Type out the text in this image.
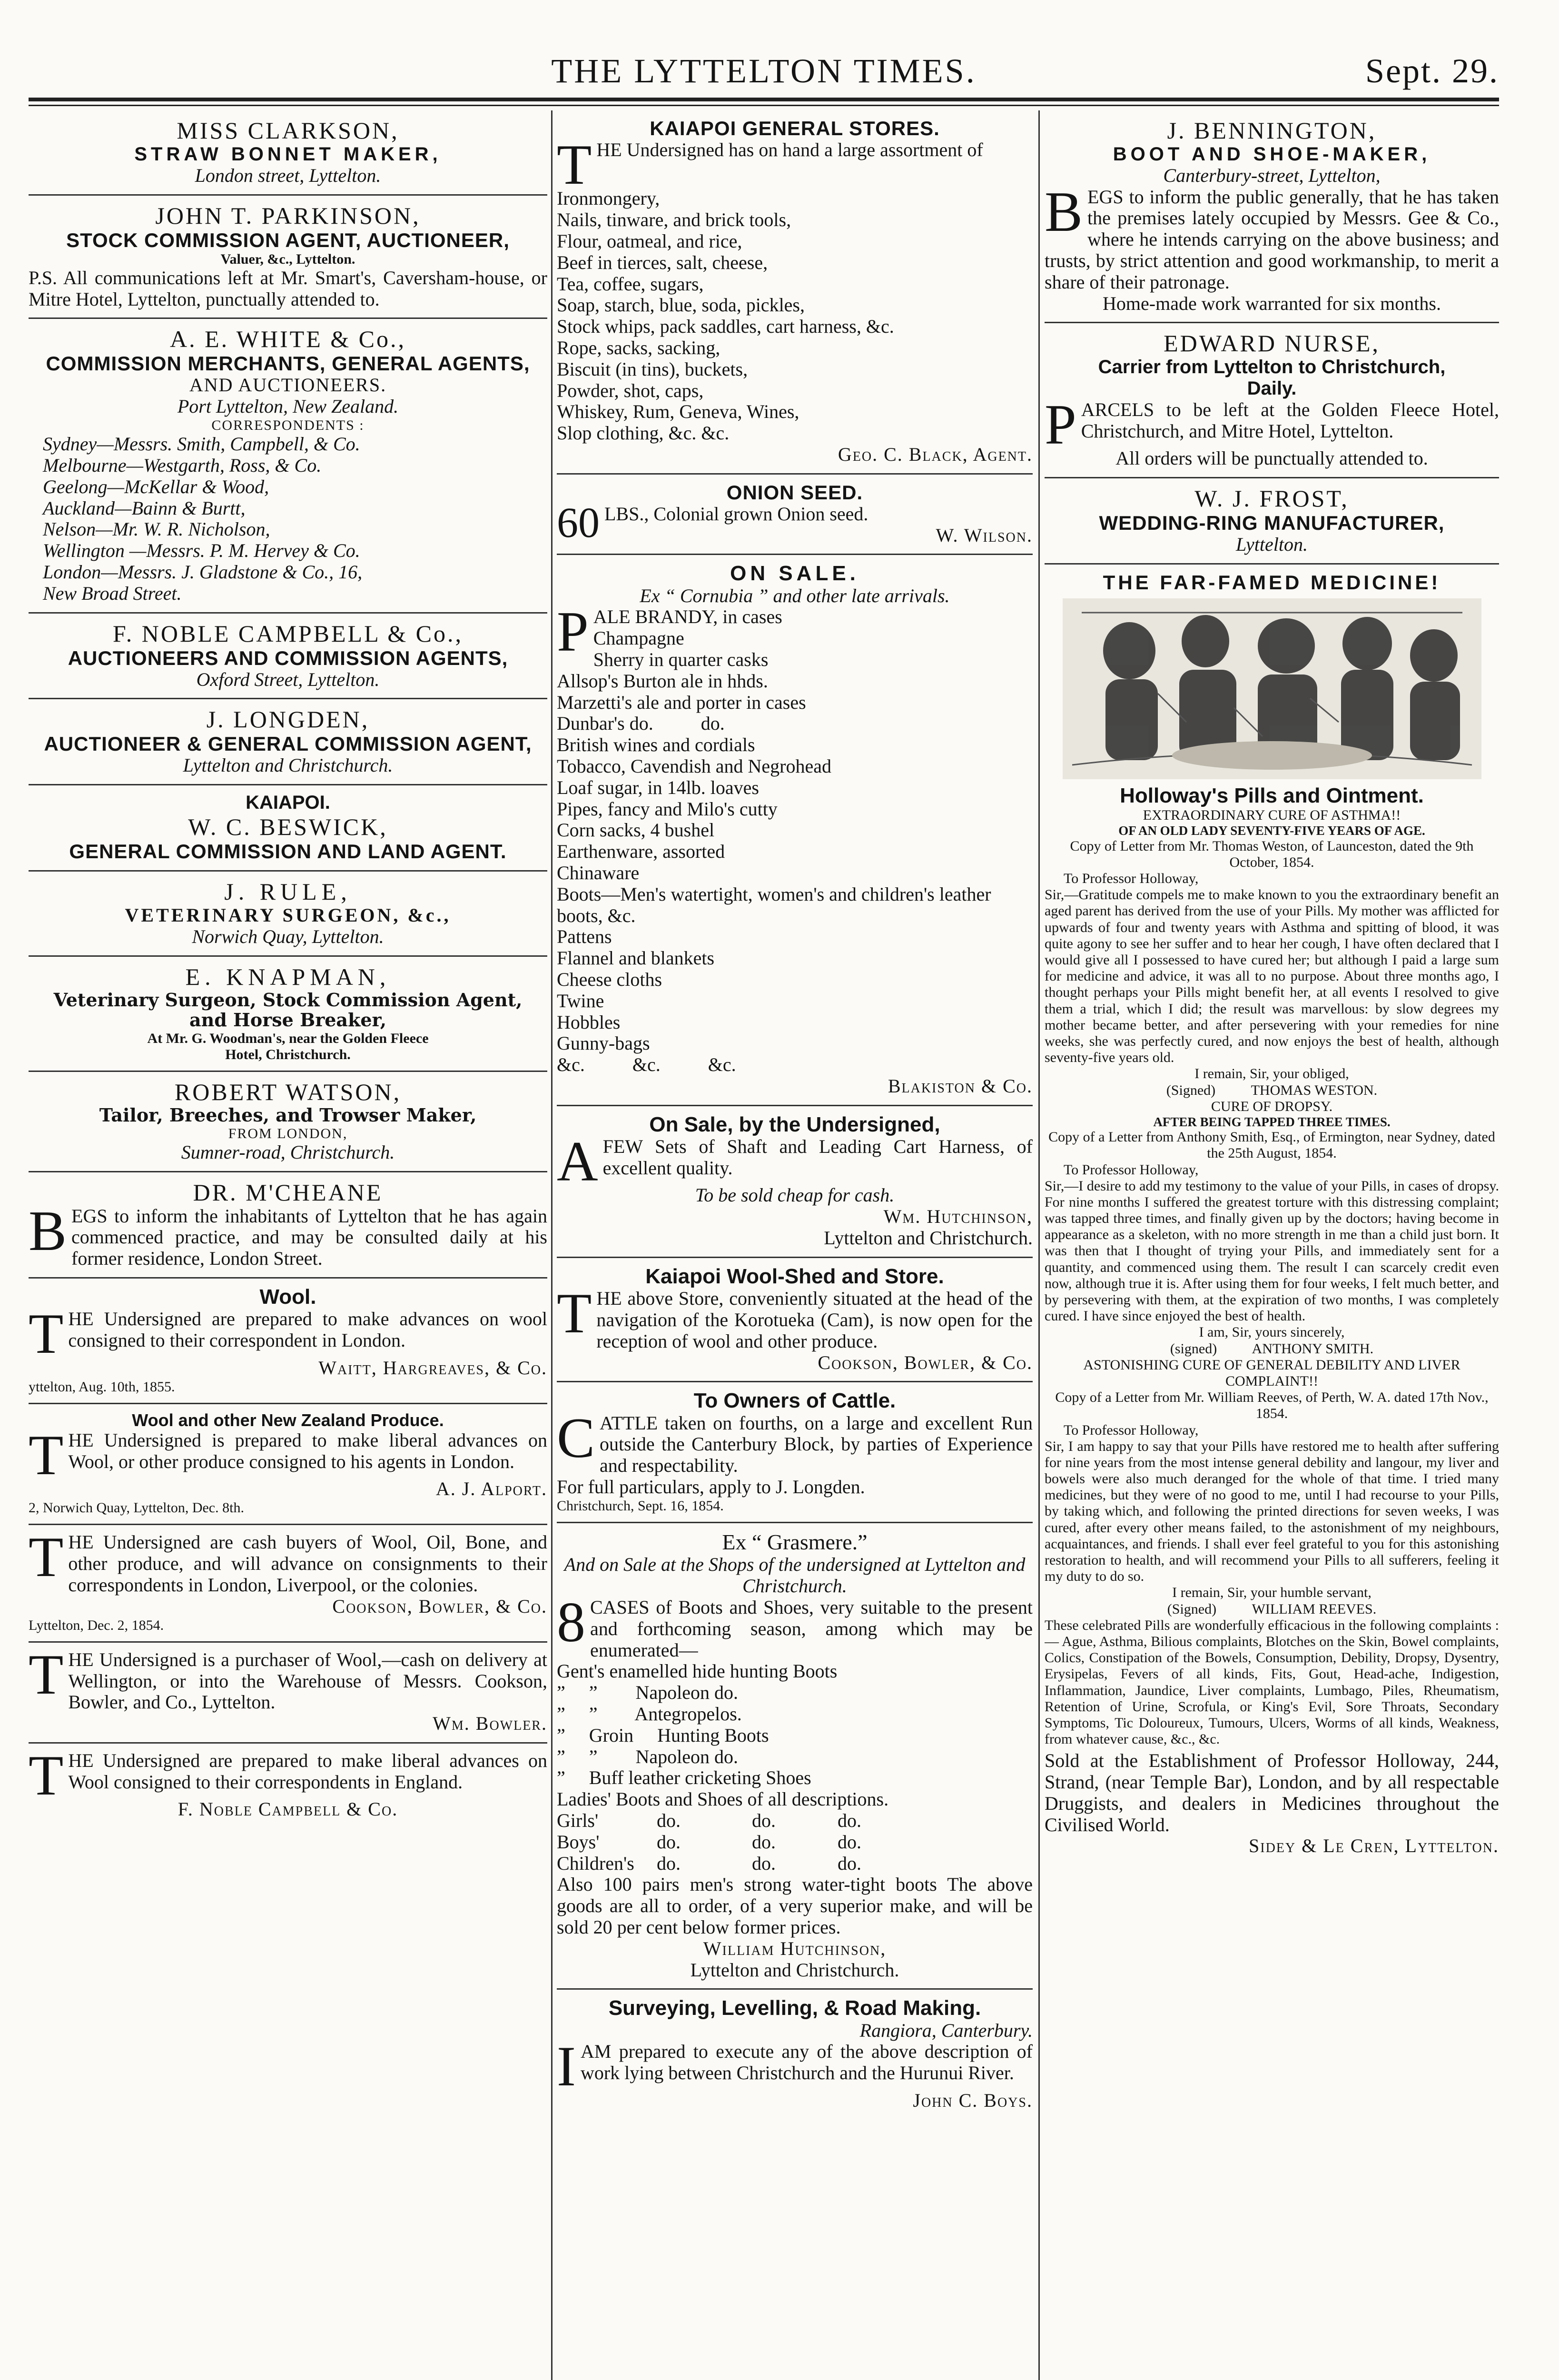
THE LYTTELTON TIMES.	Sept. 29.
MISS CLARKSON,
STRAW BONNET MAKER,
London street, Lyttelton.
JOHN T. PARKINSON,
STOCK COMMISSION AGENT, AUCTIONEER,
Valuer, &c., Lyttelton.

P.S. All communications left at Mr. Smart's, Caversham-house, or Mitre Hotel, Lyttelton, punctually attended to.

A. E. WHITE & Co.,
COMMISSION MERCHANTS, GENERAL AGENTS,
AND AUCTIONEERS.
Port Lyttelton, New Zealand.
CORRESPONDENTS :
Sydney—Messrs. Smith, Campbell, & Co.
Melbourne—Westgarth, Ross, & Co.
Geelong—McKellar & Wood,
Auckland—Bainn & Burtt,
Nelson—Mr. W. R. Nicholson,
Wellington —Messrs. P. M. Hervey & Co.
London—Messrs. J. Gladstone & Co., 16,
New Broad Street.
F. NOBLE CAMPBELL & Co.,
AUCTIONEERS AND COMMISSION AGENTS,
Oxford Street, Lyttelton.
J. LONGDEN,
AUCTIONEER & GENERAL COMMISSION AGENT,
Lyttelton and Christchurch.
KAIAPOI.
W. C. BESWICK,
GENERAL COMMISSION AND LAND AGENT.
J. RULE,
VETERINARY SURGEON, &c.,
Norwich Quay, Lyttelton.
E. KNAPMAN,
Veterinary Surgeon, Stock Commission Agent,
and Horse Breaker,
At Mr. G. Woodman's, near the Golden Fleece
Hotel, Christchurch.
ROBERT WATSON,
Tailor, Breeches, and Trowser Maker,
FROM LONDON,
Sumner-road, Christchurch.
DR. M'CHEANE

BEGS to inform the inhabitants of Lyttelton that he has again commenced practice, and may be consulted daily at his former residence, London Street.

Wool.

THE Undersigned are prepared to make advances on wool consigned to their correspondent in London.

Waitt, Hargreaves, & Co.
yttelton, Aug. 10th, 1855.
Wool and other New Zealand Produce.

THE Undersigned is prepared to make liberal advances on Wool, or other produce consigned to his agents in London.

A. J. Alport.
2, Norwich Quay, Lyttelton, Dec. 8th.

THE Undersigned are cash buyers of Wool, Oil, Bone, and other produce, and will advance on consignments to their correspondents in London, Liverpool, or the colonies.

Cookson, Bowler, & Co.
Lyttelton, Dec. 2, 1854.

THE Undersigned is a purchaser of Wool,—cash on delivery at Wellington, or into the Warehouse of Messrs. Cookson, Bowler, and Co., Lyttelton.

Wm. Bowler.

THE Undersigned are prepared to make liberal advances on Wool consigned to their correspondents in England.

F. Noble Campbell & Co.
KAIAPOI GENERAL STORES.

THE Undersigned has on hand a large assortment of

Ironmongery,
Nails, tinware, and brick tools,
Flour, oatmeal, and rice,
Beef in tierces, salt, cheese,
Tea, coffee, sugars,
Soap, starch, blue, soda, pickles,
Stock whips, pack saddles, cart harness, &c.
Rope, sacks, sacking,
Biscuit (in tins), buckets,
Powder, shot, caps,
Whiskey, Rum, Geneva, Wines,
Slop clothing, &c. &c.
Geo. C. Black, Agent.
ONION SEED.

60 LBS., Colonial grown Onion seed.

W. Wilson.
ON SALE.
Ex “ Cornubia ” and other late arrivals.

PALE BRANDY, in cases

Champagne
Sherry in quarter casks
Allsop's Burton ale in hhds.
Marzetti's ale and porter in cases
Dunbar's do.          do.
British wines and cordials
Tobacco, Cavendish and Negrohead
Loaf sugar, in 14lb. loaves
Pipes, fancy and Milo's cutty
Corn sacks, 4 bushel
Earthenware, assorted
Chinaware
Boots—Men's watertight, women's and children's leather boots, &c.
Pattens
Flannel and blankets
Cheese cloths
Twine
Hobbles
Gunny-bags
&c.          &c.          &c.
Blakiston & Co.
On Sale, by the Undersigned,

AFEW Sets of Shaft and Leading Cart Harness, of excellent quality.

To be sold cheap for cash.
Wm. Hutchinson,
Lyttelton and Christchurch.
Kaiapoi Wool-Shed and Store.

THE above Store, conveniently situated at the head of the navigation of the Korotueka (Cam), is now open for the reception of wool and other produce.

Cookson, Bowler, & Co.
To Owners of Cattle.

CATTLE taken on fourths, on a large and excellent Run outside the Canterbury Block, by parties of Experience and respectability.

For full particulars, apply to J. Longden.

Christchurch, Sept. 16, 1854.
Ex “ Grasmere.”
And on Sale at the Shops of the undersigned at Lyttelton and Christchurch.

8 CASES of Boots and Shoes, very suitable to the present and forthcoming season, among which may be enumerated—

Gent's enamelled hide hunting Boots
”     ”        Napoleon do.
”     ”        Antegropelos.
”     Groin     Hunting Boots
”     ”        Napoleon do.
”     Buff leather cricketing Shoes
Ladies' Boots and Shoes of all descriptions.
Girls'	do.	do.	do.
Boys'	do.	do.	do.
Children's	do.	do.	do.

Also 100 pairs men's strong water-tight boots The above goods are all to order, of a very superior make, and will be sold 20 per cent below former prices.

William Hutchinson,
Lyttelton and Christchurch.
Surveying, Levelling, & Road Making.
Rangiora, Canterbury.

IAM prepared to execute any of the above description of work lying between Christchurch and the Hurunui River.

John C. Boys.
J. BENNINGTON,
BOOT AND SHOE-MAKER,
Canterbury-street, Lyttelton,

BEGS to inform the public generally, that he has taken the premises lately occupied by Messrs. Gee & Co., where he intends carrying on the above business; and trusts, by strict attention and good workmanship, to merit a share of their patronage.

Home-made work warranted for six months.
EDWARD NURSE,
Carrier from Lyttelton to Christchurch,
Daily.

PARCELS to be left at the Golden Fleece Hotel, Christchurch, and Mitre Hotel, Lyttelton.

All orders will be punctually attended to.
W. J. FROST,
WEDDING-RING MANUFACTURER,
Lyttelton.
THE FAR-FAMED MEDICINE!
Holloway's Pills and Ointment.
EXTRAORDINARY CURE OF ASTHMA!!
OF AN OLD LADY SEVENTY-FIVE YEARS OF AGE.
Copy of Letter from Mr. Thomas Weston, of Launceston, dated the 9th October, 1854.
To Professor Holloway,

Sir,—Gratitude compels me to make known to you the extraordinary benefit an aged parent has derived from the use of your Pills. My mother was afflicted for upwards of four and twenty years with Asthma and spitting of blood, it was quite agony to see her suffer and to hear her cough, I have often declared that I would give all I possessed to have cured her; but although I paid a large sum for medicine and advice, it was all to no purpose. About three months ago, I thought perhaps your Pills might benefit her, at all events I resolved to give them a trial, which I did; the result was marvellous: by slow degrees my mother became better, and after persevering with your remedies for nine weeks, she was perfectly cured, and now enjoys the best of health, although seventy-five years old.

I remain, Sir, your obliged,
(Signed)          THOMAS WESTON.
CURE OF DROPSY.
AFTER BEING TAPPED THREE TIMES.
Copy of a Letter from Anthony Smith, Esq., of Ermington, near Sydney, dated the 25th August, 1854.
To Professor Holloway,

Sir,—I desire to add my testimony to the value of your Pills, in cases of dropsy. For nine months I suffered the greatest torture with this distressing complaint; was tapped three times, and finally given up by the doctors; having become in appearance as a skeleton, with no more strength in me than a child just born. It was then that I thought of trying your Pills, and immediately sent for a quantity, and commenced using them. The result I can scarcely credit even now, although true it is. After using them for four weeks, I felt much better, and by persevering with them, at the expiration of two months, I was completely cured. I have since enjoyed the best of health.

I am, Sir, yours sincerely,
(signed)          ANTHONY SMITH.
ASTONISHING CURE OF GENERAL DEBILITY AND LIVER COMPLAINT!!
Copy of a Letter from Mr. William Reeves, of Perth, W. A. dated 17th Nov., 1854.
To Professor Holloway,

Sir, I am happy to say that your Pills have restored me to health after suffering for nine years from the most intense general debility and langour, my liver and bowels were also much deranged for the whole of that time. I tried many medicines, but they were of no good to me, until I had recourse to your Pills, by taking which, and following the printed directions for seven weeks, I was cured, after every other means failed, to the astonishment of my neighbours, acquaintances, and friends. I shall ever feel grateful to you for this astonishing restoration to health, and will recommend your Pills to all sufferers, feeling it my duty to do so.

I remain, Sir, your humble servant,
(Signed)          WILLIAM REEVES.

These celebrated Pills are wonderfully efficacious in the following complaints :— Ague, Asthma, Bilious complaints, Blotches on the Skin, Bowel complaints, Colics, Constipation of the Bowels, Consumption, Debility, Dropsy, Dysentry, Erysipelas, Fevers of all kinds, Fits, Gout, Head-ache, Indigestion, Inflammation, Jaundice, Liver complaints, Lumbago, Piles, Rheumatism, Retention of Urine, Scrofula, or King's Evil, Sore Throats, Secondary Symptoms, Tic Doloureux, Tumours, Ulcers, Worms of all kinds, Weakness, from whatever cause, &c., &c.

Sold at the Establishment of Professor Holloway, 244, Strand, (near Temple Bar), London, and by all respectable Druggists, and dealers in Medicines throughout the Civilised World.

Sidey & Le Cren, Lyttelton.
